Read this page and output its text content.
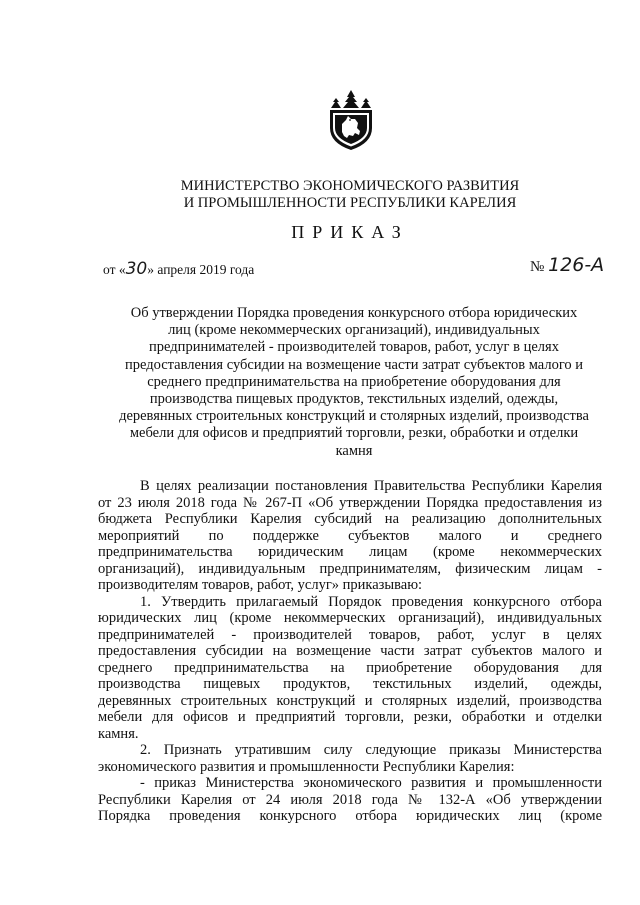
МИНИСТЕРСТВО ЭКОНОМИЧЕСКОГО РАЗВИТИЯ
И ПРОМЫШЛЕННОСТИ РЕСПУБЛИКИ КАРЕЛИЯ
ПРИКАЗ
от «30» апреля 2019 года	№ 126-А
Об утверждении Порядка проведения конкурсного отбора юридических
лиц (кроме некоммерческих организаций), индивидуальных
предпринимателей - производителей товаров, работ, услуг в целях
предоставления субсидии на возмещение части затрат субъектов малого и
среднего предпринимательства на приобретение оборудования для
производства пищевых продуктов, текстильных изделий, одежды,
деревянных строительных конструкций и столярных изделий, производства
мебели для офисов и предприятий торговли, резки, обработки и отделки
камня
В целях реализации постановления Правительства Республики Карелия
от 23 июля 2018 года № 267-П «Об утверждении Порядка предоставления из
бюджета Республики Карелия субсидий на реализацию дополнительных
мероприятий по поддержке субъектов малого и среднего
предпринимательства юридическим лицам (кроме некоммерческих
организаций), индивидуальным предпринимателям, физическим лицам -
производителям товаров, работ, услуг» приказываю:
1. Утвердить прилагаемый Порядок проведения конкурсного отбора
юридических лиц (кроме некоммерческих организаций), индивидуальных
предпринимателей - производителей товаров, работ, услуг в целях
предоставления субсидии на возмещение части затрат субъектов малого и
среднего предпринимательства на приобретение оборудования для
производства пищевых продуктов, текстильных изделий, одежды,
деревянных строительных конструкций и столярных изделий, производства
мебели для офисов и предприятий торговли, резки, обработки и отделки
камня.
2. Признать утратившим силу следующие приказы Министерства
экономического развития и промышленности Республики Карелия:
- приказ Министерства экономического развития и промышленности
Республики Карелия от 24 июля 2018 года № 132-А «Об утверждении
Порядка проведения конкурсного отбора юридических лиц (кроме
